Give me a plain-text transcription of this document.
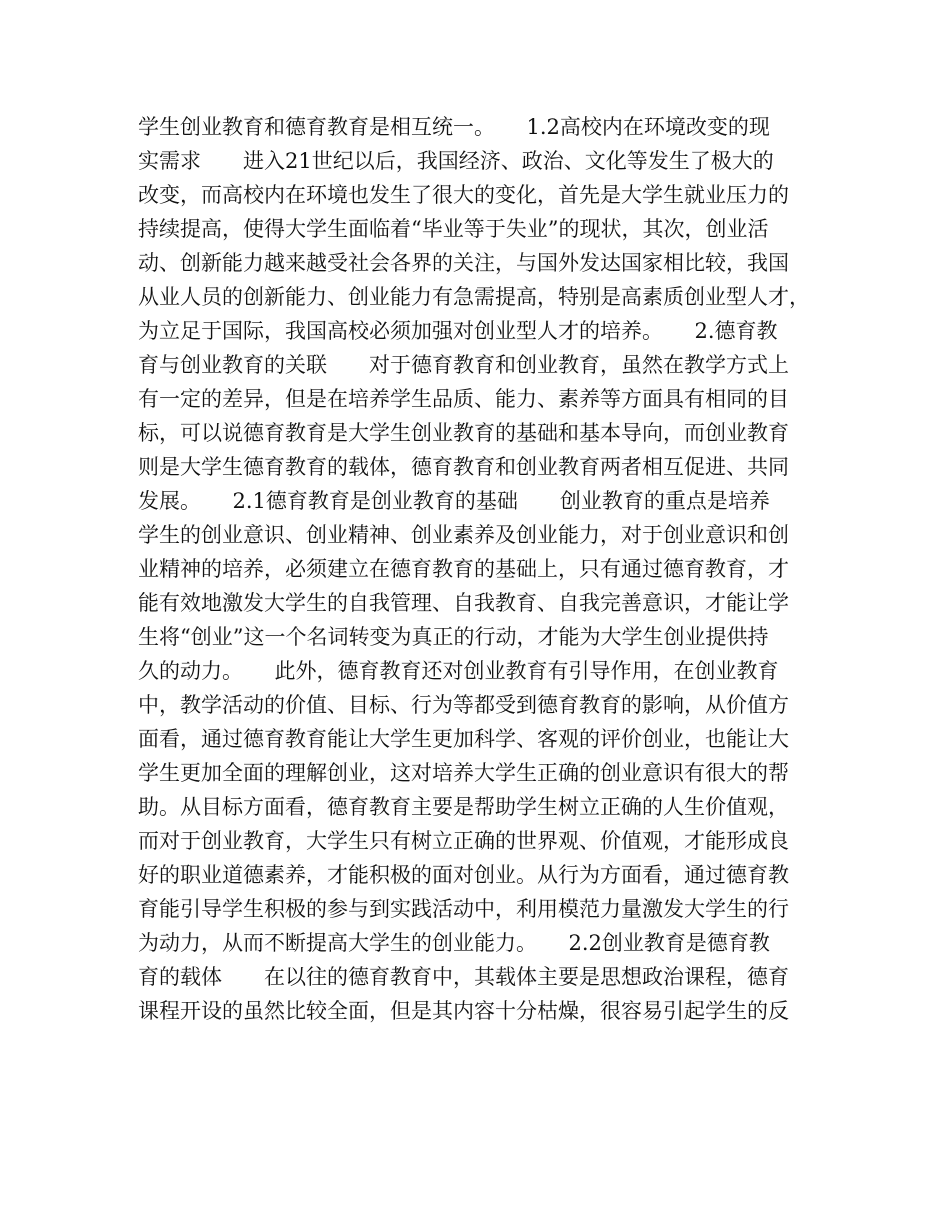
学生创业教育和德育教育是相互统一。　　1.2高校内在环境改变的现
实需求　　进入21世纪以后，我国经济、政治、文化等发生了极大的
改变，而高校内在环境也发生了很大的变化，首先是大学生就业压力的
持续提高，使得大学生面临着“毕业等于失业”的现状，其次，创业活
动、创新能力越来越受社会各界的关注，与国外发达国家相比较，我国
从业人员的创新能力、创业能力有急需提高，特别是高素质创业型人才，
为立足于国际，我国高校必须加强对创业型人才的培养。　　2.德育教
育与创业教育的关联　　对于德育教育和创业教育，虽然在教学方式上
有一定的差异，但是在培养学生品质、能力、素养等方面具有相同的目
标，可以说德育教育是大学生创业教育的基础和基本导向，而创业教育
则是大学生德育教育的载体，德育教育和创业教育两者相互促进、共同
发展。　　2.1德育教育是创业教育的基础　　创业教育的重点是培养
学生的创业意识、创业精神、创业素养及创业能力，对于创业意识和创
业精神的培养，必须建立在德育教育的基础上，只有通过德育教育，才
能有效地激发大学生的自我管理、自我教育、自我完善意识，才能让学
生将“创业”这一个名词转变为真正的行动，才能为大学生创业提供持
久的动力。　　此外，德育教育还对创业教育有引导作用，在创业教育
中，教学活动的价值、目标、行为等都受到德育教育的影响，从价值方
面看，通过德育教育能让大学生更加科学、客观的评价创业，也能让大
学生更加全面的理解创业，这对培养大学生正确的创业意识有很大的帮
助。从目标方面看，德育教育主要是帮助学生树立正确的人生价值观，
而对于创业教育，大学生只有树立正确的世界观、价值观，才能形成良
好的职业道德素养，才能积极的面对创业。从行为方面看，通过德育教
育能引导学生积极的参与到实践活动中，利用模范力量激发大学生的行
为动力，从而不断提高大学生的创业能力。　　2.2创业教育是德育教
育的载体　　在以往的德育教育中，其载体主要是思想政治课程，德育
课程开设的虽然比较全面，但是其内容十分枯燥，很容易引起学生的反
